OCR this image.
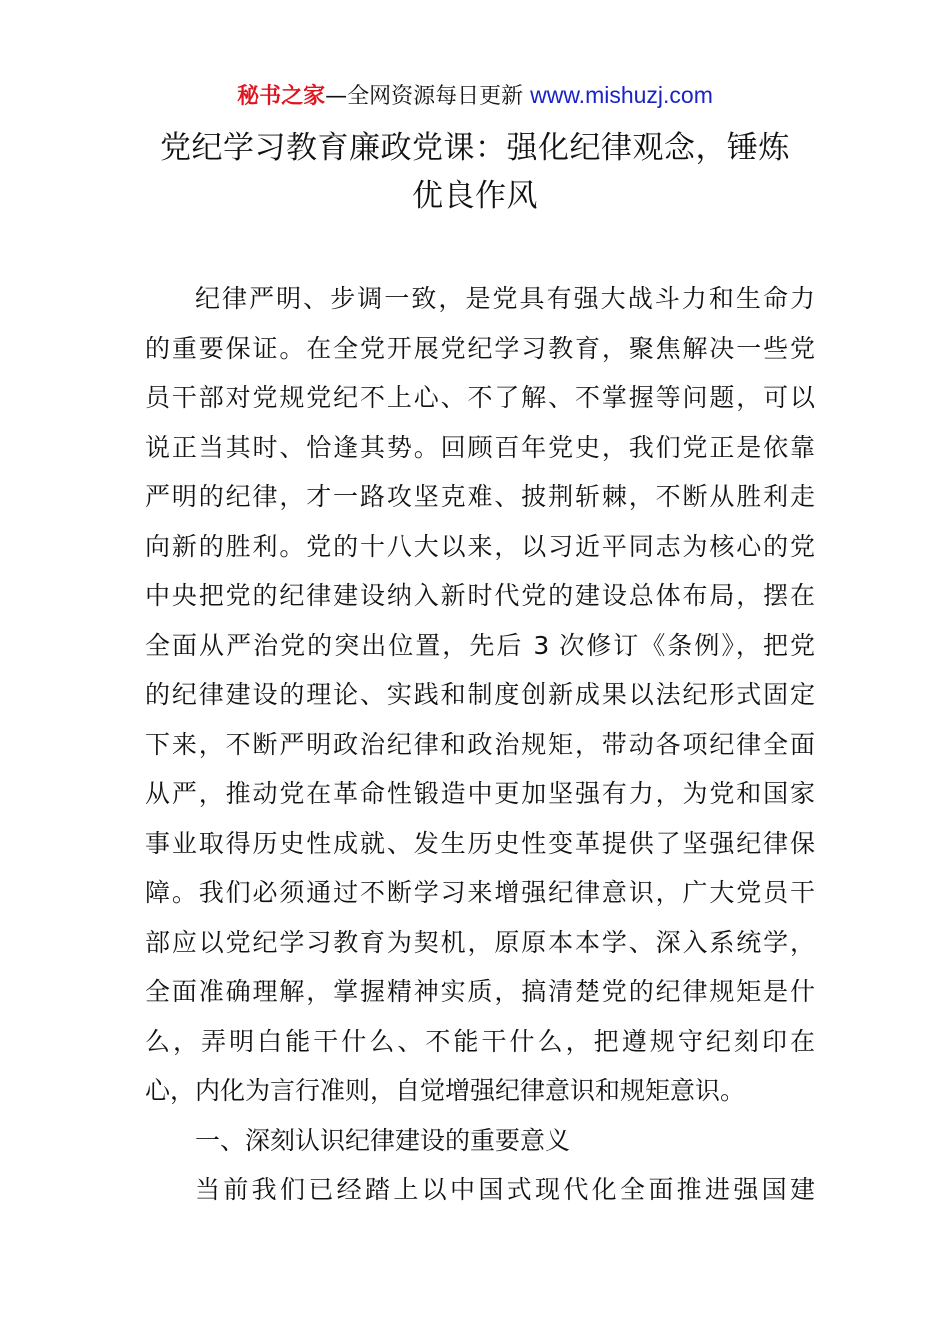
秘书之家—全网资源每日更新 www.mishuzj.com
党纪学习教育廉政党课：强化纪律观念，锤炼
优良作风
纪律严明、步调一致，是党具有强大战斗力和生命力
的重要保证。在全党开展党纪学习教育，聚焦解决一些党
员干部对党规党纪不上心、不了解、不掌握等问题，可以
说正当其时、恰逢其势。回顾百年党史，我们党正是依靠
严明的纪律，才一路攻坚克难、披荆斩棘，不断从胜利走
向新的胜利。党的十八大以来，以习近平同志为核心的党
中央把党的纪律建设纳入新时代党的建设总体布局，摆在
全面从严治党的突出位置，先后 3 次修订《条例》，把党
的纪律建设的理论、实践和制度创新成果以法纪形式固定
下来，不断严明政治纪律和政治规矩，带动各项纪律全面
从严，推动党在革命性锻造中更加坚强有力，为党和国家
事业取得历史性成就、发生历史性变革提供了坚强纪律保
障。我们必须通过不断学习来增强纪律意识，广大党员干
部应以党纪学习教育为契机，原原本本学、深入系统学，
全面准确理解，掌握精神实质，搞清楚党的纪律规矩是什
么，弄明白能干什么、不能干什么，把遵规守纪刻印在
心，内化为言行准则，自觉增强纪律意识和规矩意识。
一、深刻认识纪律建设的重要意义
当前我们已经踏上以中国式现代化全面推进强国建
